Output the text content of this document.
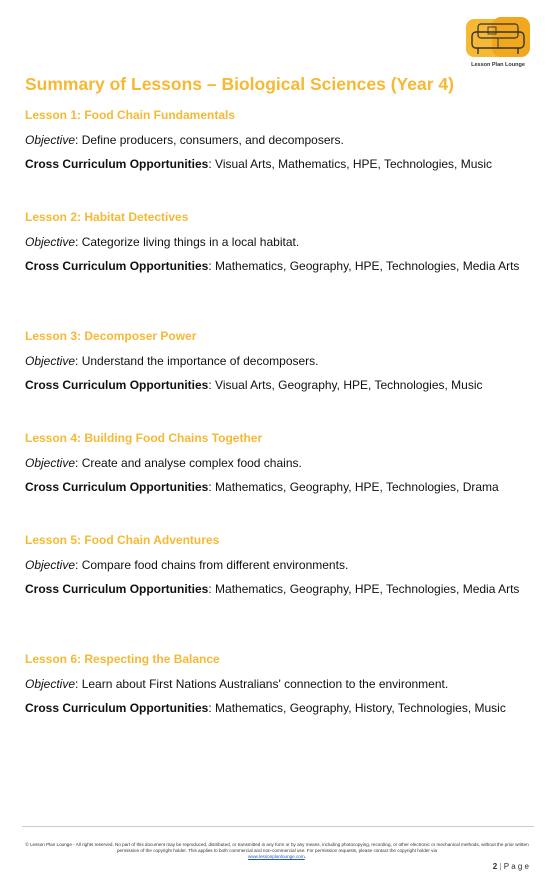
Lesson Plan Lounge
Summary of Lessons – Biological Sciences (Year 4)

Lesson 1: Food Chain Fundamentals

Objective: Define producers, consumers, and decomposers.

Cross Curriculum Opportunities: Visual Arts, Mathematics, HPE, Technologies, Music

Lesson 2: Habitat Detectives

Objective: Categorize living things in a local habitat.

Cross Curriculum Opportunities: Mathematics, Geography, HPE, Technologies, Media Arts

Lesson 3: Decomposer Power

Objective: Understand the importance of decomposers.

Cross Curriculum Opportunities: Visual Arts, Geography, HPE, Technologies, Music

Lesson 4: Building Food Chains Together

Objective: Create and analyse complex food chains.

Cross Curriculum Opportunities: Mathematics, Geography, HPE, Technologies, Drama

Lesson 5: Food Chain Adventures

Objective: Compare food chains from different environments.

Cross Curriculum Opportunities: Mathematics, Geography, HPE, Technologies, Media Arts

Lesson 6: Respecting the Balance

Objective: Learn about First Nations Australians' connection to the environment.

Cross Curriculum Opportunities: Mathematics, Geography, History, Technologies, Music

© Lesson Plan Lounge - All rights reserved. No part of this document may be reproduced, distributed, or transmitted in any form or by any means, including photocopying, recording, or other electronic or mechanical methods, without the prior written permission of the copyright holder. This applies to both commercial and non-commercial use. For permission requests, please contact the copyright holder via
www.lessonplanlounge.com.
2 | P a g e
